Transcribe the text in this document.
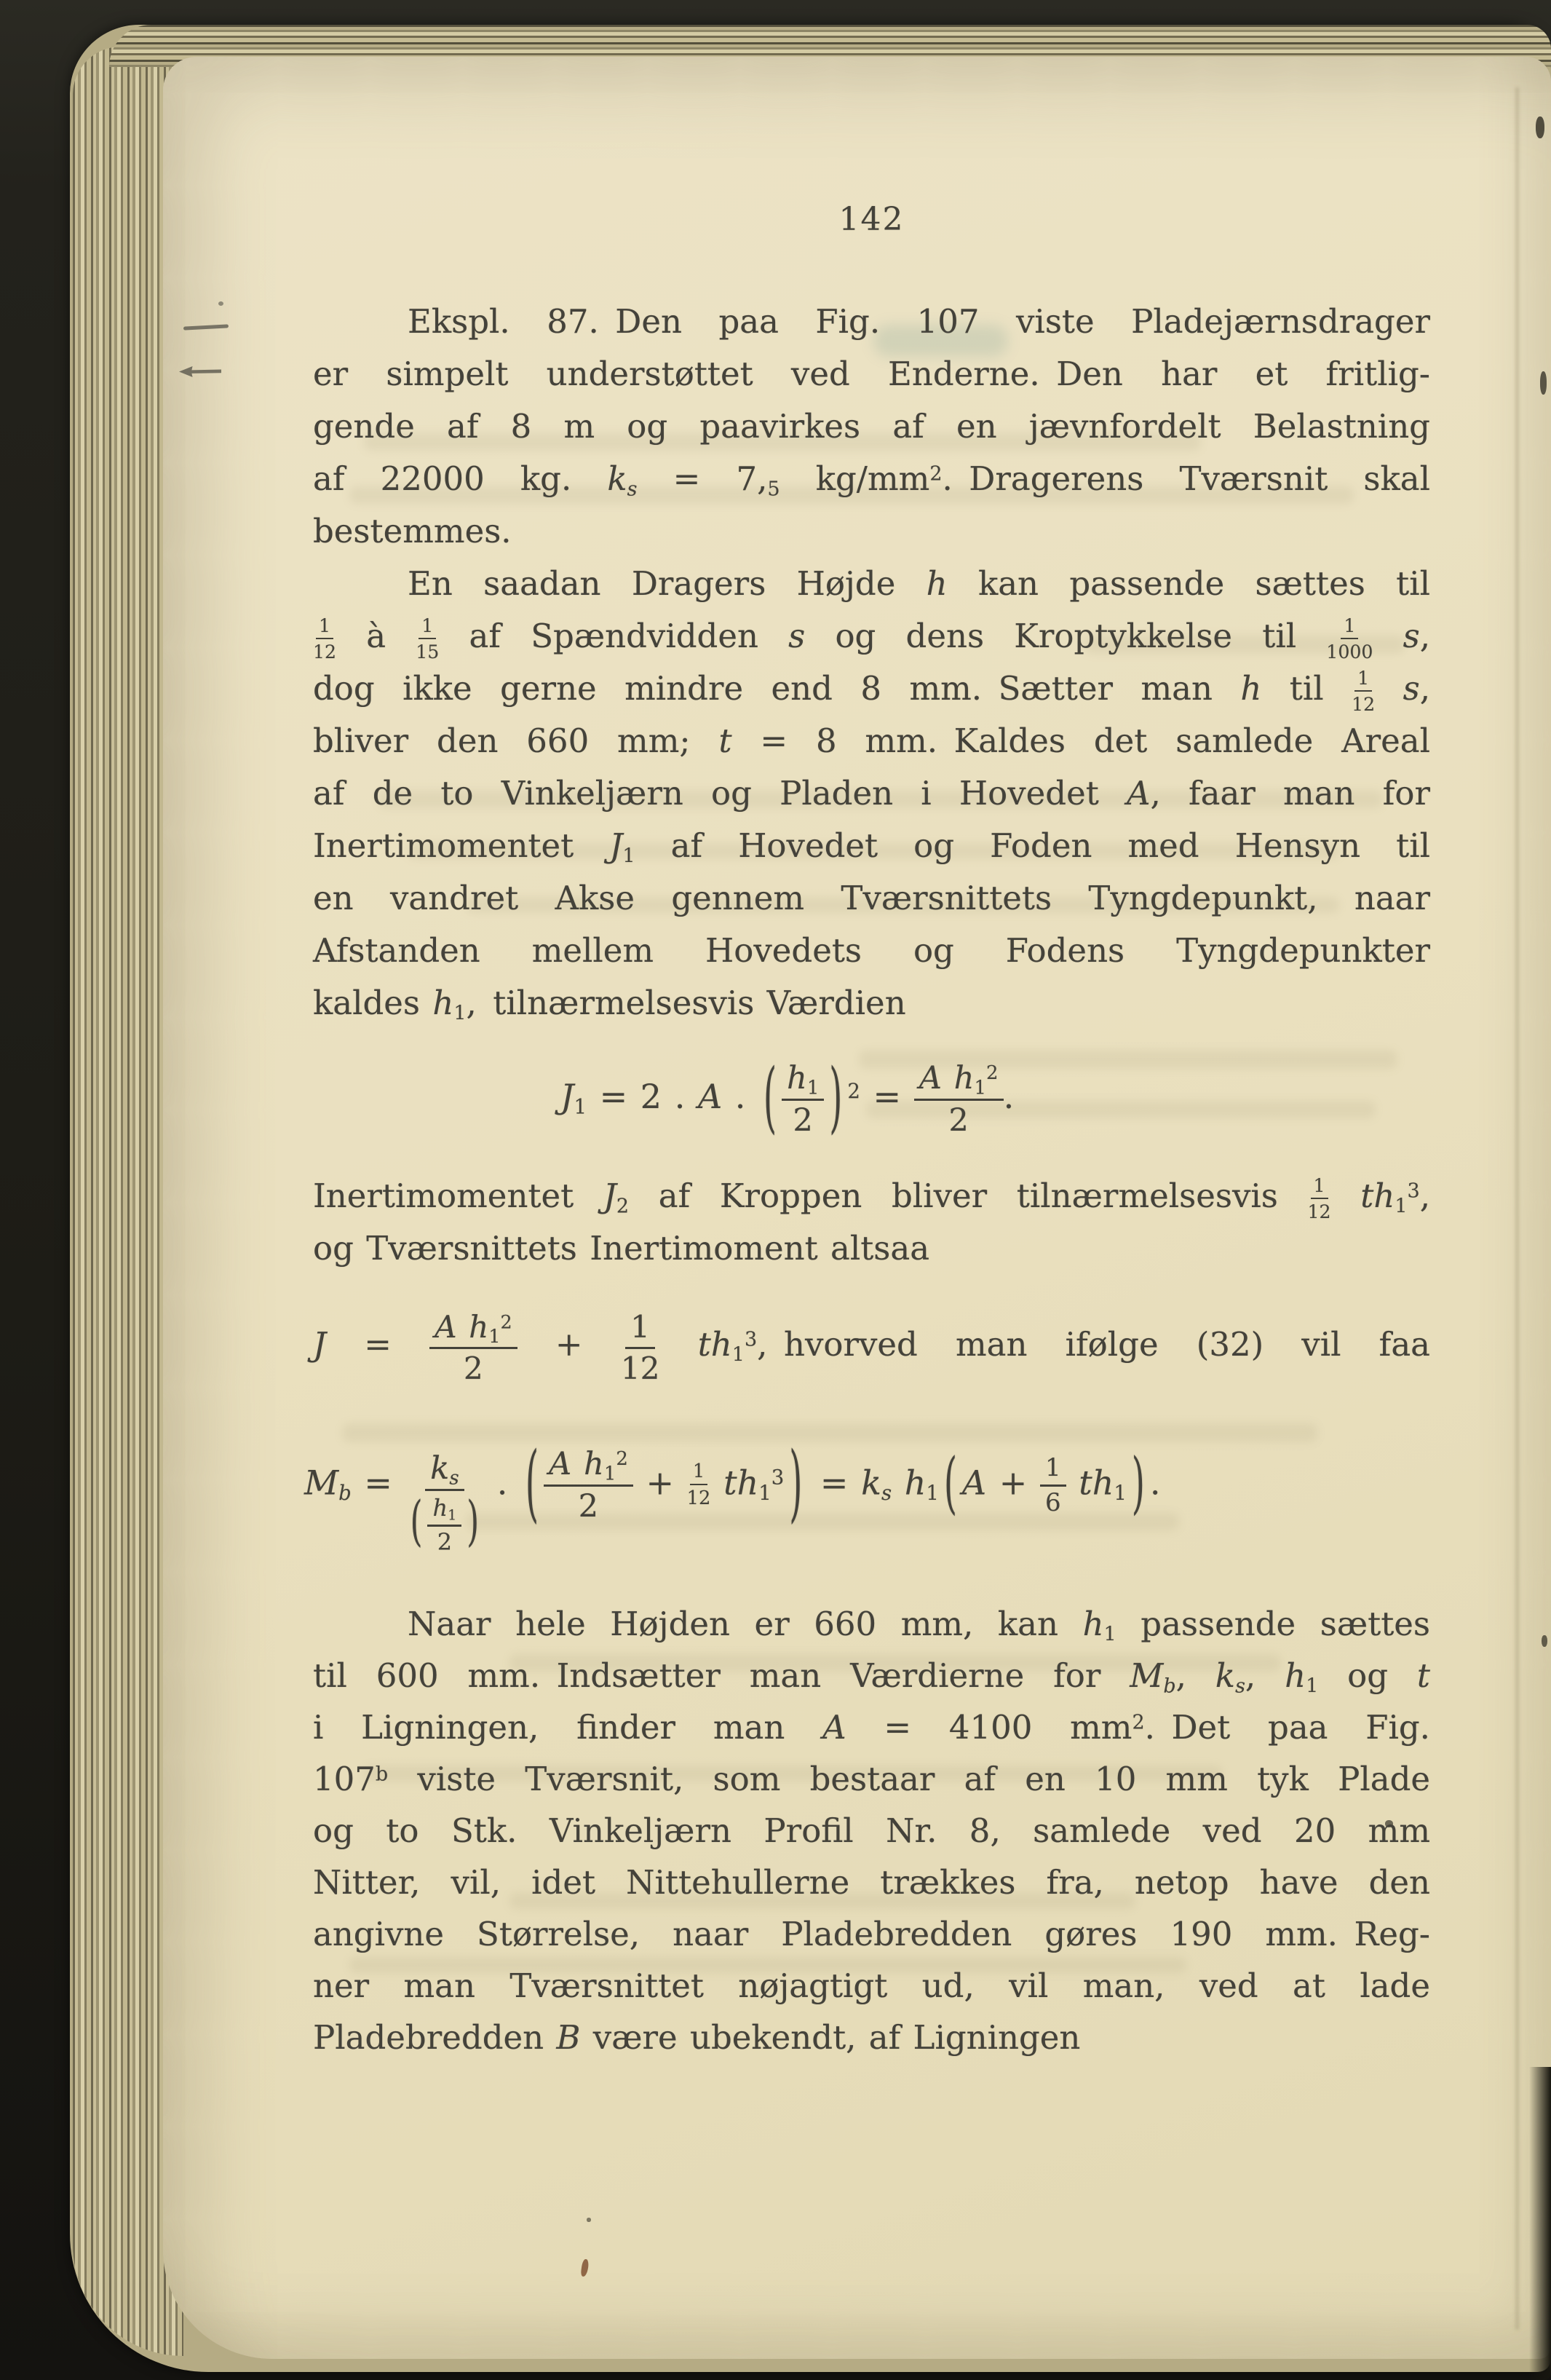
142
Ekspl. 87. Den paa Fig. 107 viste Pladejærnsdrager
er simpelt understøttet ved Enderne. Den har et fritlig-
gende af 8 m og paavirkes af en jævnfordelt Belastning
af 22000 kg. $k_s = 7,_5$ $kg/mm^2$. Dragerens Tværsnit skal
bestemmes.
En saadan Dragers Højde h kan passende sættes til
$\frac{1}{12}$ à $\frac{1}{15}$ af Spændvidden s og dens Kroptykkelse til $\frac{1}{1000} s$,
dog ikke gerne mindre end 8 mm. Sætter man h til $\frac{1}{12} s$,
bliver den 660 mm; t = 8 mm. Kaldes det samlede Areal
af de to Vinkeljærn og Pladen i Hovedet A, faar man for
Inertimomentet $J_1$ af Hovedet og Foden med Hensyn til
en vandret Akse gennem Tværsnittets Tyngdepunkt, naar
Afstanden mellem Hovedets og Fodens Tyngdepunkter
kaldes $h_1$, tilnærmelsesvis Værdien
$J_1 = 2$ . A . ( $\frac{h_1}{2}$ ) $^2 = \frac{A h_1^2}{2}$ .
Inertimomentet $J_2$ af Kroppen bliver tilnærmelsesvis $\frac{1}{12} th_1^3$,
og Tværsnittets Inertimoment altsaa
$J = \frac{A h_1^2}{2} + \frac{1}{12} th_1^3$, hvorved man ifølge (32) vil faa
$M_b = \frac{k_s}{( \frac{h_1}{2} )}$ . ( $\frac{A h_1^2}{2} + \frac{1}{12} th_1^3$ ) = $k_s$ $h_1$ ( $A + \frac{1}{6} th_1$ ) .
Naar hele Højden er 660 mm, kan $h_1$ passende sættes
til 600 mm. Indsætter man Værdierne for $M_b$, $k_s$, $h_1$ og t
i Ligningen, finder man A = 4100 $mm^2$. Det paa Fig.
107$^b$ viste Tværsnit, som bestaar af en 10 mm tyk Plade
og to Stk. Vinkeljærn Profil Nr. 8, samlede ved 20 mm
Nitter, vil, idet Nittehullerne trækkes fra, netop have den
angivne Størrelse, naar Pladebredden gøres 190 mm. Reg-
ner man Tværsnittet nøjagtigt ud, vil man, ved at lade
Pladebredden B være ubekendt, af Ligningen
